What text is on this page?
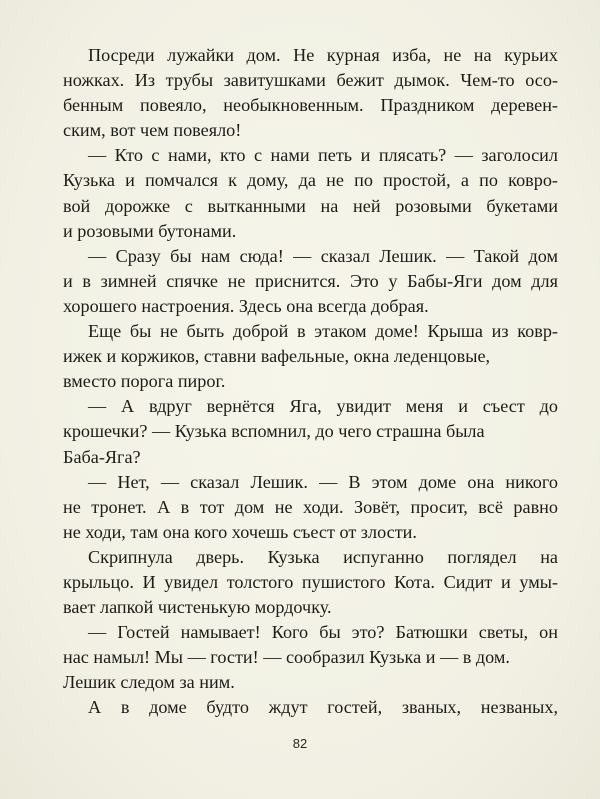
Посреди лужайки дом. Не курная изба, не на курьих
ножках. Из трубы завитушками бежит дымок. Чем-то осо-
бенным повеяло, необыкновенным. Праздником деревен-
ским, вот чем повеяло!
— Кто с нами, кто с нами петь и плясать? — заголосил
Кузька и помчался к дому, да не по простой, а по ковро-
вой дорожке с вытканными на ней розовыми букетами
и розовыми бутонами.
— Сразу бы нам сюда! — сказал Лешик. — Такой дом
и в зимней спячке не приснится. Это у Бабы-Яги дом для
хорошего настроения. Здесь она всегда добрая.
Еще бы не быть доброй в этаком доме! Крыша из ковр-
ижек и коржиков, ставни вафельные, окна леденцовые,
вместо порога пирог.
— А вдруг вернётся Яга, увидит меня и съест до
крошечки? — Кузька вспомнил, до чего страшна была
Баба-Яга?
— Нет, — сказал Лешик. — В этом доме она никого
не тронет. А в тот дом не ходи. Зовёт, просит, всё равно
не ходи, там она кого хочешь съест от злости.
Скрипнула дверь. Кузька испуганно поглядел на
крыльцо. И увидел толстого пушистого Кота. Сидит и умы-
вает лапкой чистенькую мордочку.
— Гостей намывает! Кого бы это? Батюшки светы, он
нас намыл! Мы — гости! — сообразил Кузька и — в дом.
Лешик следом за ним.
А в доме будто ждут гостей, званых, незваных,
82
